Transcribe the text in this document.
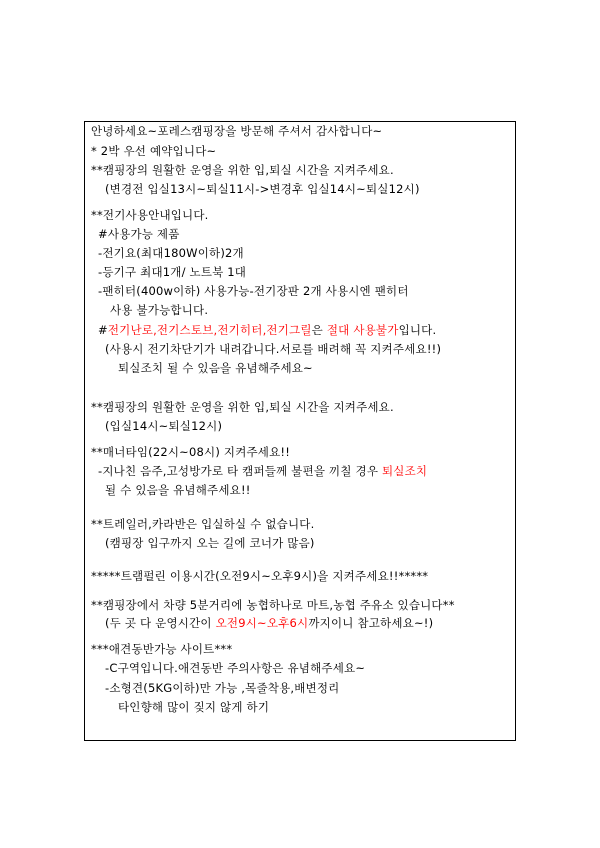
안녕하세요~포레스캠핑장을 방문해 주셔서 감사합니다~
* 2박 우선 예약입니다~
**캠핑장의 원활한 운영을 위한 입,퇴실 시간을 지켜주세요.
(변경전 입실13시~퇴실11시->변경후 입실14시~퇴실12시)
**전기사용안내입니다.
#사용가능 제품
-전기요(최대180W이하)2개
-등기구 최대1개/ 노트북 1대
-팬히터(400w이하) 사용가능-전기장판 2개 사용시엔 팬히터
사용 불가능합니다.
#전기난로,전기스토브,전기히터,전기그릴은 절대 사용불가입니다.
(사용시 전기차단기가 내려갑니다.서로를 배려해 꼭 지켜주세요!!)
퇴실조치 될 수 있음을 유념해주세요~
**캠핑장의 원활한 운영을 위한 입,퇴실 시간을 지켜주세요.
(입실14시~퇴실12시)
**매너타임(22시~08시) 지켜주세요!!
-지나친 음주,고성방가로 타 캠퍼들께 불편을 끼칠 경우 퇴실조치
될 수 있음을 유념해주세요!!
**트레일러,카라반은 입실하실 수 없습니다.
(캠핑장 입구까지 오는 길에 코너가 많음)
*****트램펄린 이용시간(오전9시~오후9시)을 지켜주세요!!*****
**캠핑장에서 차량 5분거리에 농협하나로 마트,농협 주유소 있습니다**
(두 곳 다 운영시간이 오전9시~오후6시까지이니 참고하세요~!)
***애견동반가능 사이트***
-C구역입니다.애견동반 주의사항은 유념해주세요~
-소형견(5KG이하)만 가능 ,목줄착용,배변정리
타인향해 많이 짖지 않게 하기
